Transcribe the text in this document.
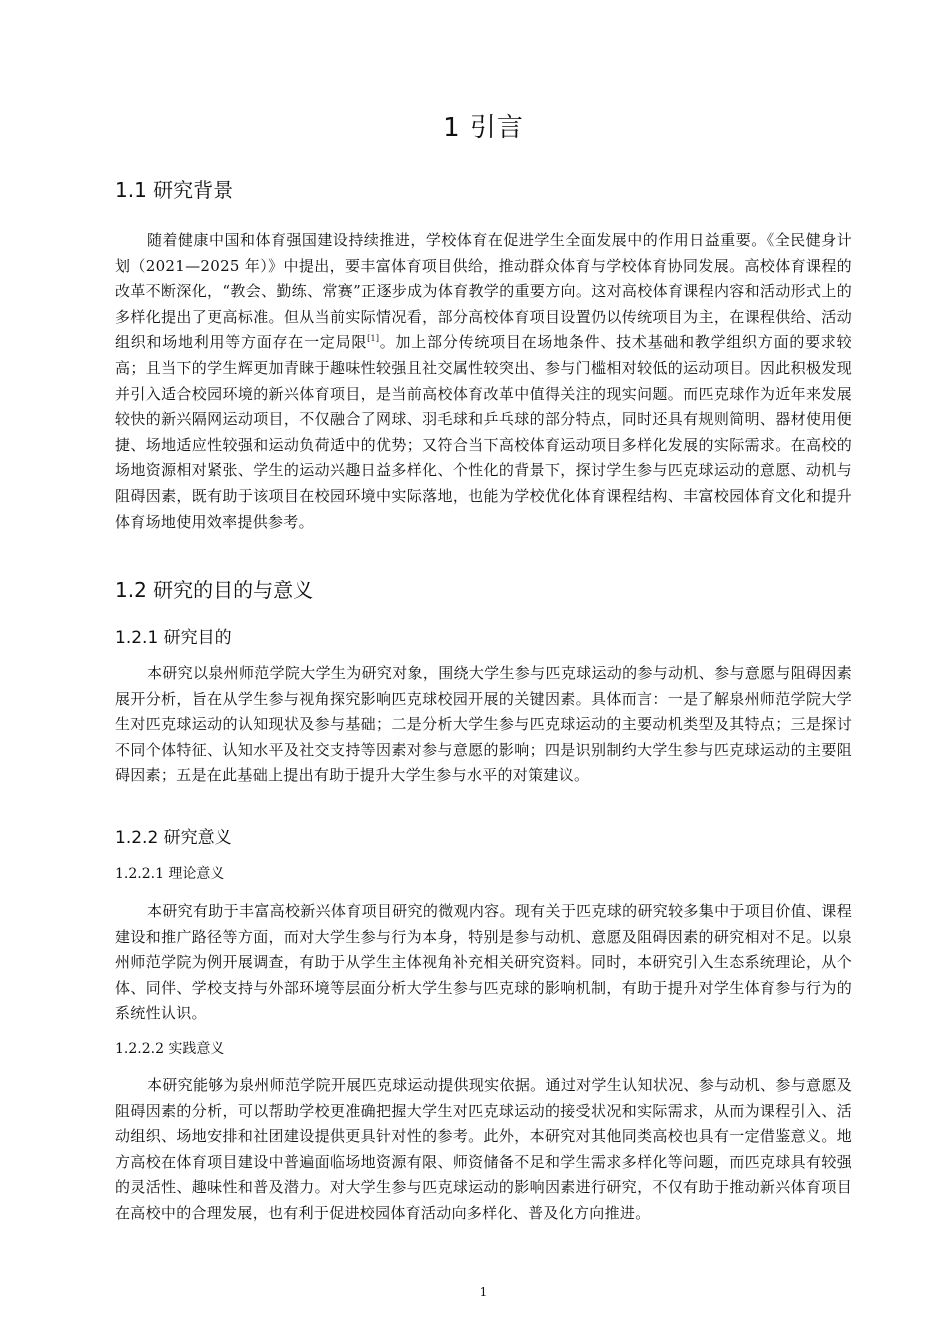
1 引言
1.1 研究背景

随着健康中国和体育强国建设持续推进，学校体育在促进学生全面发展中的作用日益重要。《全民健身计划（2021—2025 年）》中提出，要丰富体育项目供给，推动群众体育与学校体育协同发展。高校体育课程的改革不断深化，“教会、勤练、常赛”正逐步成为体育教学的重要方向。这对高校体育课程内容和活动形式上的多样化提出了更高标准。但从当前实际情况看，部分高校体育项目设置仍以传统项目为主，在课程供给、活动组织和场地利用等方面存在一定局限[1]。加上部分传统项目在场地条件、技术基础和教学组织方面的要求较高；且当下的学生辉更加青睐于趣味性较强且社交属性较突出、参与门槛相对较低的运动项目。因此积极发现并引入适合校园环境的新兴体育项目，是当前高校体育改革中值得关注的现实问题。而匹克球作为近年来发展较快的新兴隔网运动项目，不仅融合了网球、羽毛球和乒乓球的部分特点，同时还具有规则简明、器材使用便捷、场地适应性较强和运动负荷适中的优势；又符合当下高校体育运动项目多样化发展的实际需求。在高校的场地资源相对紧张、学生的运动兴趣日益多样化、个性化的背景下，探讨学生参与匹克球运动的意愿、动机与阻碍因素，既有助于该项目在校园环境中实际落地，也能为学校优化体育课程结构、丰富校园体育文化和提升体育场地使用效率提供参考。

1.2 研究的目的与意义
1.2.1 研究目的

本研究以泉州师范学院大学生为研究对象，围绕大学生参与匹克球运动的参与动机、参与意愿与阻碍因素展开分析，旨在从学生参与视角探究影响匹克球校园开展的关键因素。具体而言：一是了解泉州师范学院大学生对匹克球运动的认知现状及参与基础；二是分析大学生参与匹克球运动的主要动机类型及其特点；三是探讨不同个体特征、认知水平及社交支持等因素对参与意愿的影响；四是识别制约大学生参与匹克球运动的主要阻碍因素；五是在此基础上提出有助于提升大学生参与水平的对策建议。

1.2.2 研究意义
1.2.2.1 理论意义

本研究有助于丰富高校新兴体育项目研究的微观内容。现有关于匹克球的研究较多集中于项目价值、课程建设和推广路径等方面，而对大学生参与行为本身，特别是参与动机、意愿及阻碍因素的研究相对不足。以泉州师范学院为例开展调查，有助于从学生主体视角补充相关研究资料。同时，本研究引入生态系统理论，从个体、同伴、学校支持与外部环境等层面分析大学生参与匹克球的影响机制，有助于提升对学生体育参与行为的系统性认识。

1.2.2.2 实践意义

本研究能够为泉州师范学院开展匹克球运动提供现实依据。通过对学生认知状况、参与动机、参与意愿及阻碍因素的分析，可以帮助学校更准确把握大学生对匹克球运动的接受状况和实际需求，从而为课程引入、活动组织、场地安排和社团建设提供更具针对性的参考。此外，本研究对其他同类高校也具有一定借鉴意义。地方高校在体育项目建设中普遍面临场地资源有限、师资储备不足和学生需求多样化等问题，而匹克球具有较强的灵活性、趣味性和普及潜力。对大学生参与匹克球运动的影响因素进行研究，不仅有助于推动新兴体育项目在高校中的合理发展，也有利于促进校园体育活动向多样化、普及化方向推进。

1
